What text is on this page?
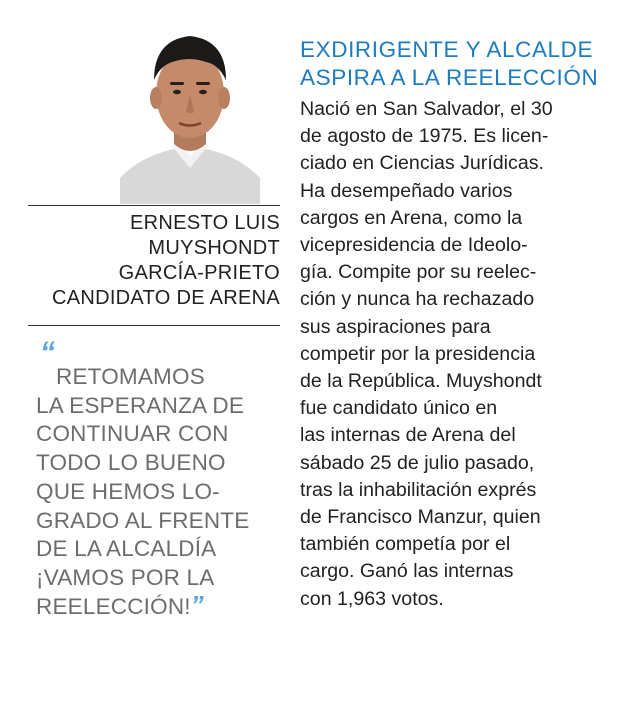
ERNESTO LUIS
MUYSHONDT
GARCÍA-PRIETO
CANDIDATO DE ARENA
“
RETOMAMOS
LA ESPERANZA DE
CONTINUAR CON
TODO LO BUENO
QUE HEMOS LO-
GRADO AL FRENTE
DE LA ALCALDÍA
¡VAMOS POR LA
REELECCIÓN!”
EXDIRIGENTE Y ALCALDE
ASPIRA A LA REELECCIÓN
Nació en San Salvador, el 30
de agosto de 1975. Es licen-
ciado en Ciencias Jurídicas.
Ha desempeñado varios
cargos en Arena, como la
vicepresidencia de Ideolo-
gía. Compite por su reelec-
ción y nunca ha rechazado
sus aspiraciones para
competir por la presidencia
de la República. Muyshondt
fue candidato único en
las internas de Arena del
sábado 25 de julio pasado,
tras la inhabilitación exprés
de Francisco Manzur, quien
también competía por el
cargo. Ganó las internas
con 1,963 votos.
